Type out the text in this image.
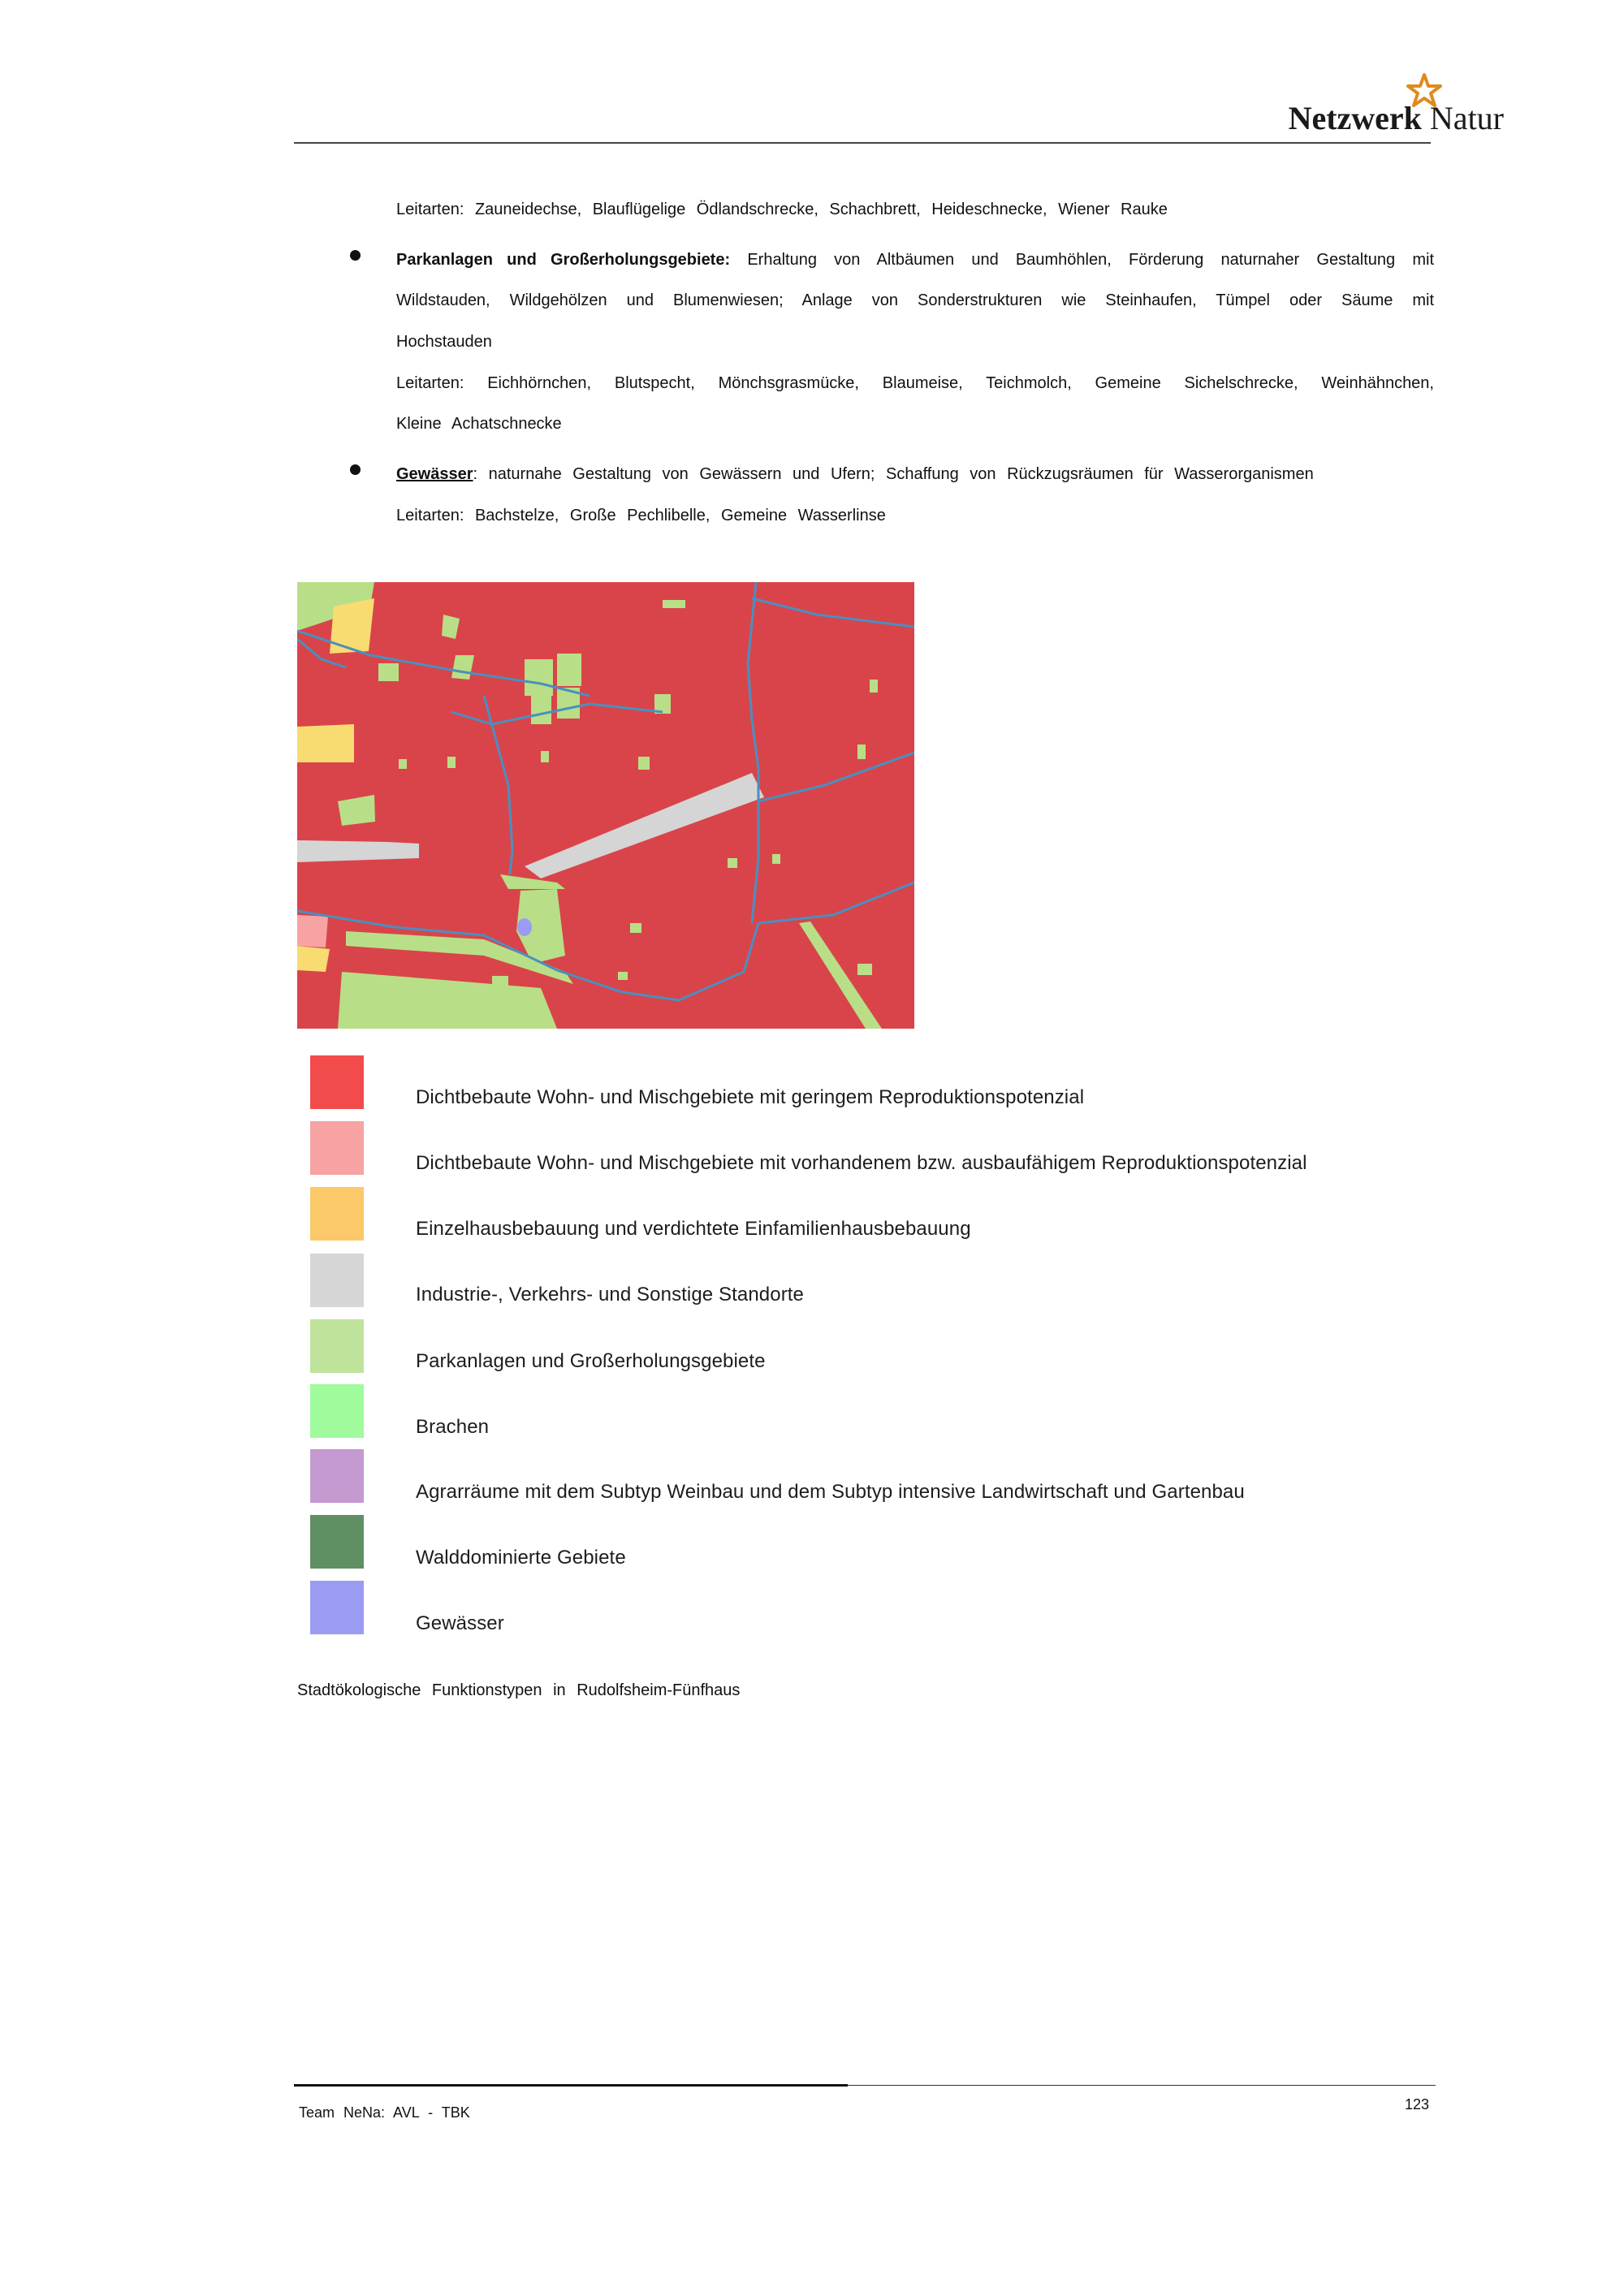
Netzwerk Natur
Leitarten: Zauneidechse, Blauflügelige Ödlandschrecke, Schachbrett, Heideschnecke, Wiener Rauke
Parkanlagen und Großerholungsgebiete: Erhaltung von Altbäumen und Baumhöhlen, Förderung naturnaher Gestaltung mit
Wildstauden, Wildgehölzen und Blumenwiesen; Anlage von Sonderstrukturen wie Steinhaufen, Tümpel oder Säume mit
Hochstauden
Leitarten: Eichhörnchen, Blutspecht, Mönchsgrasmücke, Blaumeise, Teichmolch, Gemeine Sichelschrecke, Weinhähnchen,
Kleine Achatschnecke
Gewässer: naturnahe Gestaltung von Gewässern und Ufern; Schaffung von Rückzugsräumen für Wasserorganismen
Leitarten: Bachstelze, Große Pechlibelle, Gemeine Wasserlinse
Dichtbebaute Wohn- und Mischgebiete mit geringem Reproduktionspotenzial
Dichtbebaute Wohn- und Mischgebiete mit vorhandenem bzw. ausbaufähigem Reproduktionspotenzial
Einzelhausbebauung und verdichtete Einfamilienhausbebauung
Industrie-, Verkehrs- und Sonstige Standorte
Parkanlagen und Großerholungsgebiete
Brachen
Agrarräume mit dem Subtyp Weinbau und dem Subtyp intensive Landwirtschaft und Gartenbau
Walddominierte Gebiete
Gewässer
Stadtökologische Funktionstypen in Rudolfsheim-Fünfhaus
Team NeNa: AVL - TBK	123
